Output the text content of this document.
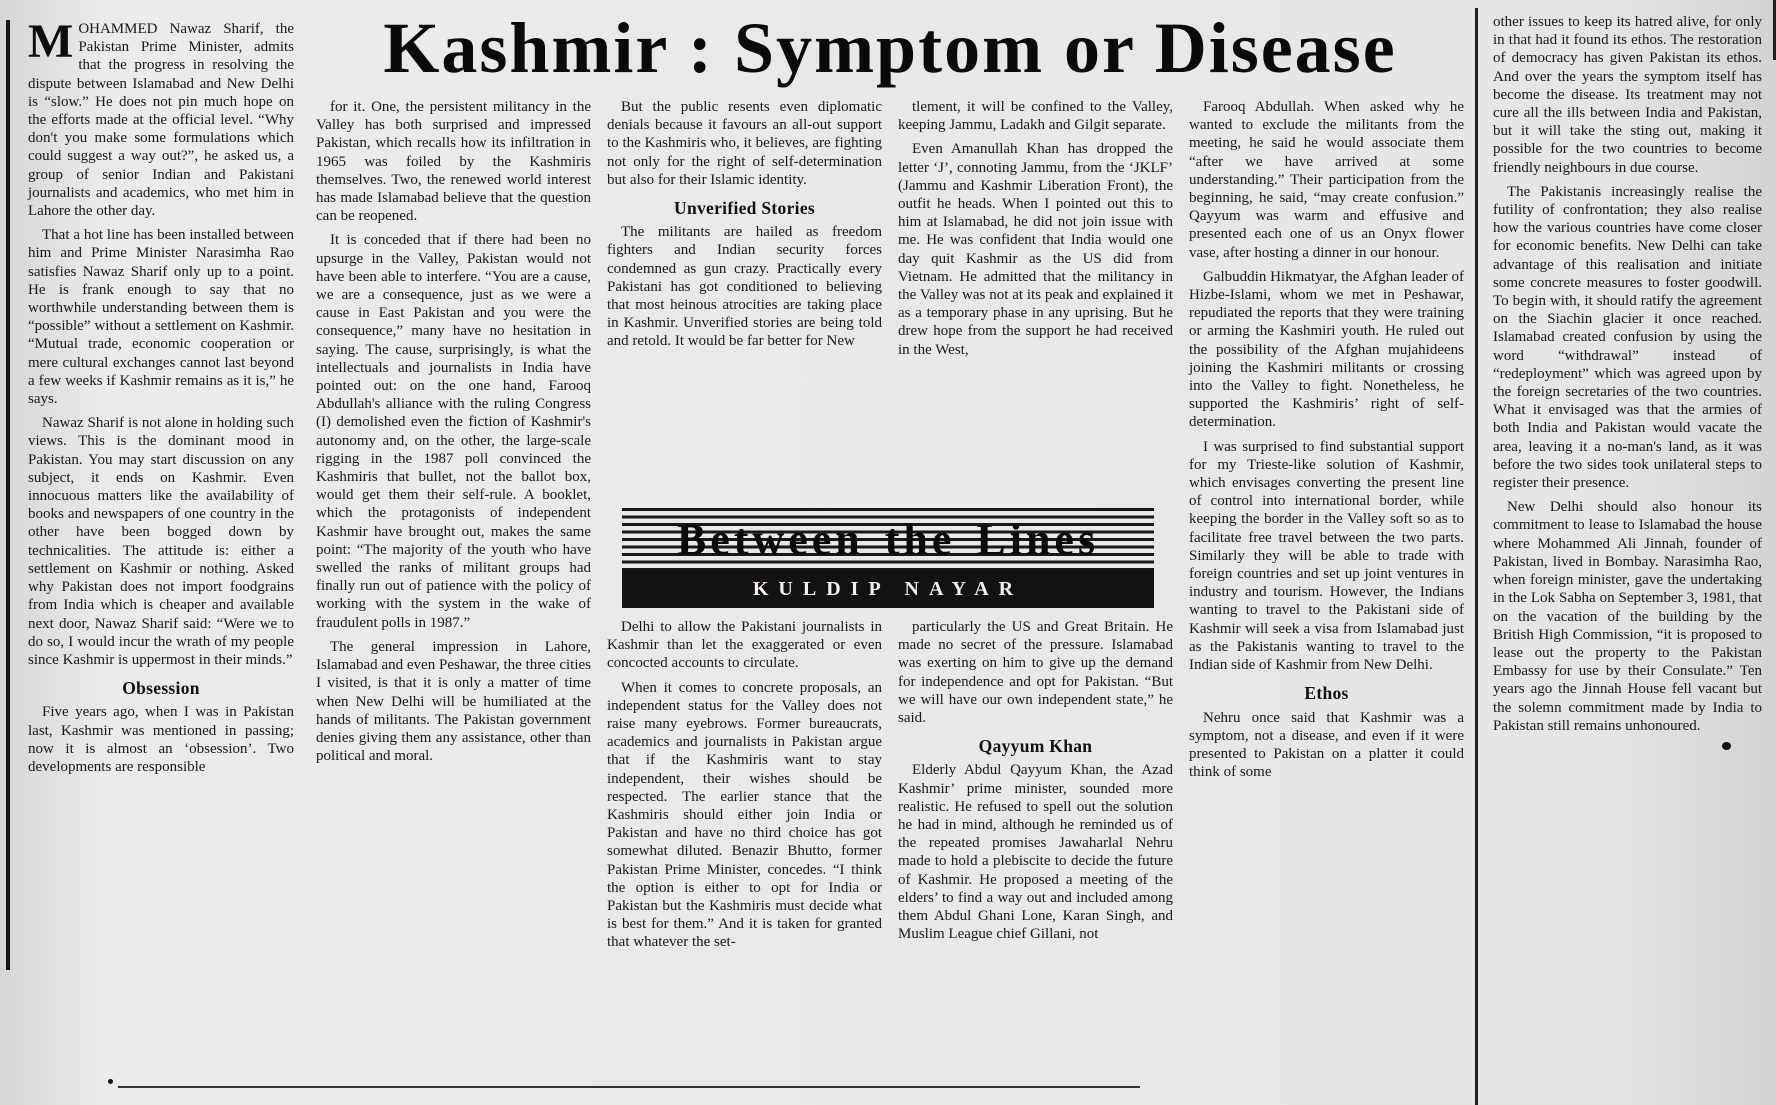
MOHAMMED Nawaz Sharif, the Pakistan Prime Minister, admits that the progress in resolving the dispute between Islamabad and New Delhi is “slow.” He does not pin much hope on the efforts made at the official level. “Why don't you make some formulations which could suggest a way out?”, he asked us, a group of senior Indian and Pakistani journalists and academics, who met him in Lahore the other day.

That a hot line has been installed between him and Prime Minister Narasimha Rao satisfies Nawaz Sharif only up to a point. He is frank enough to say that no worthwhile understanding between them is “possible” without a settlement on Kashmir. “Mutual trade, economic cooperation or mere cultural exchanges cannot last beyond a few weeks if Kashmir remains as it is,” he says.

Nawaz Sharif is not alone in holding such views. This is the dominant mood in Pakistan. You may start discussion on any subject, it ends on Kashmir. Even innocuous matters like the availability of books and newspapers of one country in the other have been bogged down by technicalities. The attitude is: either a settlement on Kashmir or nothing. Asked why Pakistan does not import foodgrains from India which is cheaper and available next door, Nawaz Sharif said: “Were we to do so, I would incur the wrath of my people since Kashmir is uppermost in their minds.”

Obsession

Five years ago, when I was in Pakistan last, Kashmir was mentioned in passing; now it is almost an ‘obsession’. Two developments are responsible

Kashmir : Symptom or Disease

for it. One, the persistent militancy in the Valley has both surprised and impressed Pakistan, which recalls how its infiltration in 1965 was foiled by the Kashmiris themselves. Two, the renewed world interest has made Islamabad believe that the question can be reopened.

It is conceded that if there had been no upsurge in the Valley, Pakistan would not have been able to interfere. “You are a cause, we are a consequence, just as we were a cause in East Pakistan and you were the consequence,” many have no hesitation in saying. The cause, surprisingly, is what the intellectuals and journalists in India have pointed out: on the one hand, Farooq Abdullah's alliance with the ruling Congress (I) demolished even the fiction of Kashmir's autonomy and, on the other, the large-scale rigging in the 1987 poll convinced the Kashmiris that bullet, not the ballot box, would get them their self-rule. A booklet, which the protagonists of independent Kashmir have brought out, makes the same point: “The majority of the youth who have swelled the ranks of militant groups had finally run out of patience with the policy of working with the system in the wake of fraudulent polls in 1987.”

The general impression in Lahore, Islamabad and even Peshawar, the three cities I visited, is that it is only a matter of time when New Delhi will be humiliated at the hands of militants. The Pakistan government denies giving them any assistance, other than political and moral.

But the public resents even diplomatic denials because it favours an all-out support to the Kashmiris who, it believes, are fighting not only for the right of self-determination but also for their Islamic identity.

Unverified Stories

The militants are hailed as freedom fighters and Indian security forces condemned as gun crazy. Practically every Pakistani has got conditioned to believing that most heinous atrocities are taking place in Kashmir. Unverified stories are being told and retold. It would be far better for New

Delhi to allow the Pakistani journalists in Kashmir than let the exaggerated or even concocted accounts to circulate.

When it comes to concrete proposals, an independent status for the Valley does not raise many eyebrows. Former bureaucrats, academics and journalists in Pakistan argue that if the Kashmiris want to stay independent, their wishes should be respected. The earlier stance that the Kashmiris should either join India or Pakistan and have no third choice has got somewhat diluted. Benazir Bhutto, former Pakistan Prime Minister, concedes. “I think the option is either to opt for India or Pakistan but the Kashmiris must decide what is best for them.” And it is taken for granted that whatever the set-

tlement, it will be confined to the Valley, keeping Jammu, Ladakh and Gilgit separate.

Even Amanullah Khan has dropped the letter ‘J’, connoting Jammu, from the ‘JKLF’ (Jammu and Kashmir Liberation Front), the outfit he heads. When I pointed out this to him at Islamabad, he did not join issue with me. He was confident that India would one day quit Kashmir as the US did from Vietnam. He admitted that the militancy in the Valley was not at its peak and explained it as a temporary phase in any uprising. But he drew hope from the support he had received in the West,

particularly the US and Great Britain. He made no secret of the pressure. Islamabad was exerting on him to give up the demand for independence and opt for Pakistan. “But we will have our own independent state,” he said.

Qayyum Khan

Elderly Abdul Qayyum Khan, the Azad Kashmir’ prime minister, sounded more realistic. He refused to spell out the solution he had in mind, although he reminded us of the repeated promises Jawaharlal Nehru made to hold a plebiscite to decide the future of Kashmir. He proposed a meeting of the elders’ to find a way out and included among them Abdul Ghani Lone, Karan Singh, and Muslim League chief Gillani, not

Farooq Abdullah. When asked why he wanted to exclude the militants from the meeting, he said he would associate them “after we have arrived at some understanding.” Their participation from the beginning, he said, “may create confusion.” Qayyum was warm and effusive and presented each one of us an Onyx flower vase, after hosting a dinner in our honour.

Galbuddin Hikmatyar, the Afghan leader of Hizbe-Islami, whom we met in Peshawar, repudiated the reports that they were training or arming the Kashmiri youth. He ruled out the possibility of the Afghan mujahideens joining the Kashmiri militants or crossing into the Valley to fight. Nonetheless, he supported the Kashmiris’ right of self-determination.

I was surprised to find substantial support for my Trieste-like solution of Kashmir, which envisages converting the present line of control into international border, while keeping the border in the Valley soft so as to facilitate free travel between the two parts. Similarly they will be able to trade with foreign countries and set up joint ventures in industry and tourism. However, the Indians wanting to travel to the Pakistani side of Kashmir will seek a visa from Islamabad just as the Pakistanis wanting to travel to the Indian side of Kashmir from New Delhi.

Ethos

Nehru once said that Kashmir was a symptom, not a disease, and even if it were presented to Pakistan on a platter it could think of some

Between the Lines
KULDIP NAYAR

other issues to keep its hatred alive, for only in that had it found its ethos. The restoration of democracy has given Pakistan its ethos. And over the years the symptom itself has become the disease. Its treatment may not cure all the ills between India and Pakistan, but it will take the sting out, making it possible for the two countries to become friendly neighbours in due course.

The Pakistanis increasingly realise the futility of confrontation; they also realise how the various countries have come closer for economic benefits. New Delhi can take advantage of this realisation and initiate some concrete measures to foster goodwill. To begin with, it should ratify the agreement on the Siachin glacier it once reached. Islamabad created confusion by using the word “withdrawal” instead of “redeployment” which was agreed upon by the foreign secretaries of the two countries. What it envisaged was that the armies of both India and Pakistan would vacate the area, leaving it a no-man's land, as it was before the two sides took unilateral steps to register their presence.

New Delhi should also honour its commitment to lease to Islamabad the house where Mohammed Ali Jinnah, founder of Pakistan, lived in Bombay. Narasimha Rao, when foreign minister, gave the undertaking in the Lok Sabha on September 3, 1981, that on the vacation of the building by the British High Commission, “it is proposed to lease out the property to the Pakistan Embassy for use by their Consulate.” Ten years ago the Jinnah House fell vacant but the solemn commitment made by India to Pakistan still remains unhonoured.
